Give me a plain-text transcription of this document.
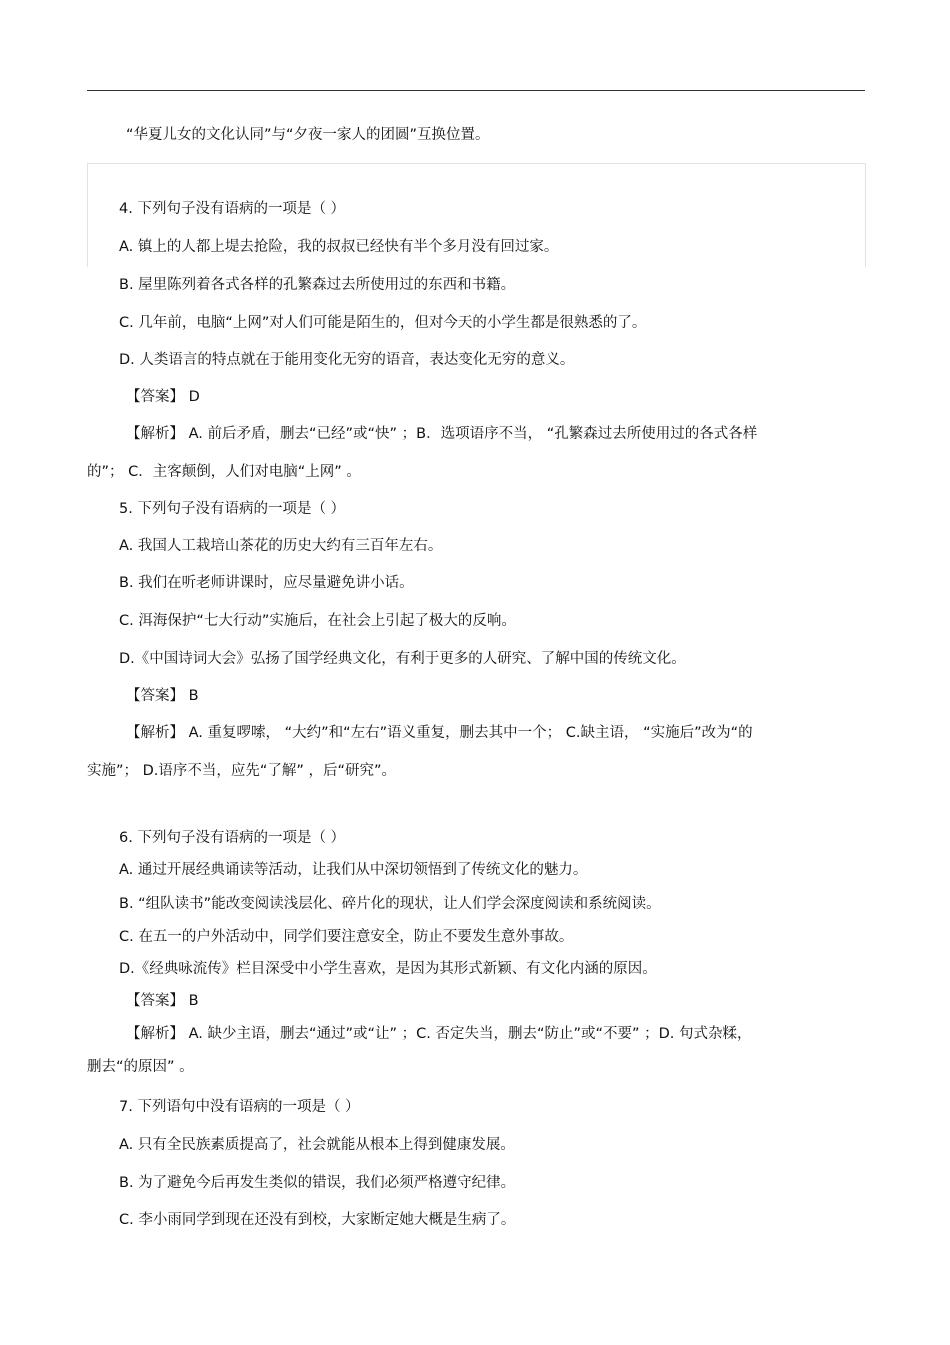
“华夏儿女的文化认同”与“夕夜一家人的团圆”互换位置。
4. 下列句子没有语病的一项是（ ）
A. 镇上的人都上堤去抢险，我的叔叔已经快有半个多月没有回过家。
B. 屋里陈列着各式各样的孔繁森过去所使用过的东西和书籍。
C. 几年前，电脑“上网”对人们可能是陌生的，但对今天的小学生都是很熟悉的了。
D. 人类语言的特点就在于能用变化无穷的语音，表达变化无穷的意义。
【答案】 D
【解析】 A. 前后矛盾，删去“已经”或“快” ；B．选项语序不当， “孔繁森过去所使用过的各式各样
的”； C．主客颠倒，人们对电脑“上网” 。
5. 下列句子没有语病的一项是（ ）
A. 我国人工栽培山茶花的历史大约有三百年左右。
B. 我们在听老师讲课时，应尽量避免讲小话。
C. 洱海保护“七大行动”实施后，在社会上引起了极大的反响。
D.《中国诗词大会》弘扬了国学经典文化，有利于更多的人研究、了解中国的传统文化。
【答案】 B
【解析】 A. 重复啰嗦， “大约”和“左右”语义重复，删去其中一个； C.缺主语， “实施后”改为“的
实施”； D.语序不当，应先“了解” ，后“研究”。
6. 下列句子没有语病的一项是（ ）
A. 通过开展经典诵读等活动，让我们从中深切领悟到了传统文化的魅力。
B. “组队读书”能改变阅读浅层化、碎片化的现状，让人们学会深度阅读和系统阅读。
C. 在五一的户外活动中，同学们要注意安全，防止不要发生意外事故。
D.《经典咏流传》栏目深受中小学生喜欢，是因为其形式新颖、有文化内涵的原因。
【答案】 B
【解析】 A. 缺少主语，删去“通过”或“让” ；C. 否定失当，删去“防止”或“不要” ；D. 句式杂糅，
删去“的原因” 。
7. 下列语句中没有语病的一项是（ ）
A. 只有全民族素质提高了，社会就能从根本上得到健康发展。
B. 为了避免今后再发生类似的错误，我们必须严格遵守纪律。
C. 李小雨同学到现在还没有到校，大家断定她大概是生病了。
